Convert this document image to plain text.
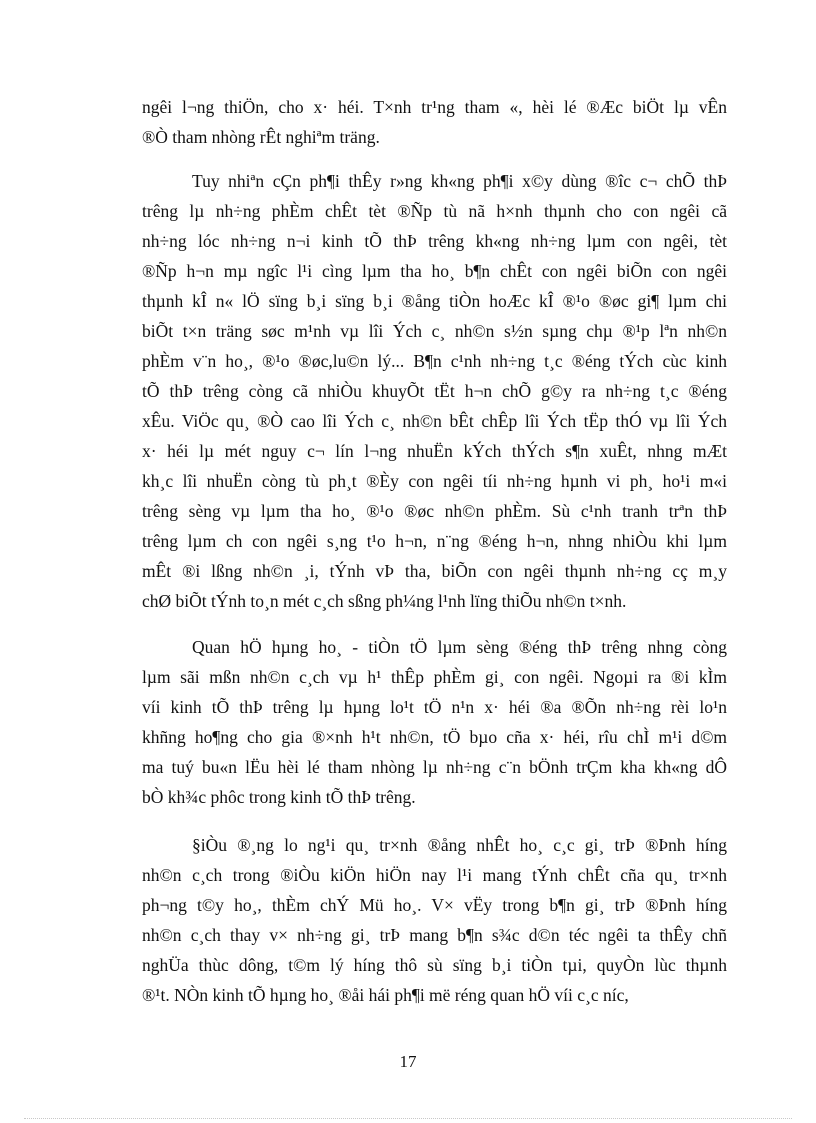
ngêi l¬ng thiÖn, cho x· héi. T×nh tr¹ng tham «, hèi lé ®Æc biÖt lµ vÊn
®Ò tham nhòng rÊt nghiªm träng.

Tuy nhiªn cÇn ph¶i thÊy r»ng kh«ng ph¶i x©y dùng ®îc c¬ chÕ thÞ
trêng lµ nh÷ng phÈm chÊt tèt ®Ñp tù nã h×nh thµnh cho con ngêi cã
nh÷ng lóc nh÷ng n¬i kinh tÕ thÞ trêng kh«ng nh÷ng lµm con ngêi, tèt
®Ñp h¬n mµ ngîc l¹i cìng lµm tha ho¸ b¶n chÊt con ngêi biÕn con ngêi
thµnh kÎ n« lÖ sïng b¸i sïng b¸i ®ång tiÒn hoÆc kÎ ®¹o ®øc gi¶ lµm chi
biÕt t×n träng søc m¹nh vµ lîi Ých c¸ nh©n s½n sµng chµ ®¹p lªn nh©n
phÈm v¨n ho¸, ®¹o ®øc,lu©n lý... B¶n c¹nh nh÷ng t¸c ®éng tÝch cùc kinh
tÕ thÞ trêng còng cã nhiÒu khuyÕt tËt h¬n chÕ g©y ra nh÷ng t¸c ®éng
xÊu. ViÖc qu¸ ®Ò cao lîi Ých c¸ nh©n bÊt chÊp lîi Ých tËp thÓ vµ lîi Ých
x· héi lµ mét nguy c¬ lín l¬ng nhuËn kÝch thÝch s¶n xuÊt, nhng mÆt
kh¸c lîi nhuËn còng tù ph¸t ®Èy con ngêi tíi nh÷ng hµnh vi ph¸ ho¹i m«i
trêng sèng vµ lµm tha ho¸ ®¹o ®øc nh©n phÈm. Sù c¹nh tranh trªn thÞ
trêng lµm ch con ngêi s¸ng t¹o h¬n, n¨ng ®éng h¬n, nhng nhiÒu khi lµm
mÊt ®i lßng nh©n ¸i, tÝnh vÞ tha, biÕn con ngêi thµnh nh÷ng cç m¸y
chØ biÕt tÝnh to¸n mét c¸ch sßng ph¼ng l¹nh lïng thiÕu nh©n t×nh.

Quan hÖ hµng ho¸ - tiÒn tÖ lµm sèng ®éng thÞ trêng nhng còng
lµm sãi mßn nh©n c¸ch vµ h¹ thÊp phÈm gi¸ con ngêi. Ngoµi ra ®i kÌm
víi kinh tÕ thÞ trêng lµ hµng lo¹t tÖ n¹n x· héi ®a ®Õn nh÷ng rèi lo¹n
khñng ho¶ng cho gia ®×nh h¹t nh©n, tÖ bµo cña x· héi, rîu chÌ m¹i d©m
ma tuý bu«n lËu hèi lé tham nhòng lµ nh÷ng c¨n bÖnh trÇm kha kh«ng dÔ
bÒ kh¾c phôc trong kinh tÕ thÞ trêng.

§iÒu ®¸ng lo ng¹i qu¸ tr×nh ®ång nhÊt ho¸ c¸c gi¸ trÞ ®Þnh híng
nh©n c¸ch trong ®iÒu kiÖn hiÖn nay l¹i mang tÝnh chÊt cña qu¸ tr×nh
ph¬ng t©y ho¸, thÈm chÝ Mü ho¸. V× vËy trong b¶n gi¸ trÞ ®Þnh híng
nh©n c¸ch thay v× nh÷ng gi¸ trÞ mang b¶n s¾c d©n téc ngêi ta thÊy chñ
nghÜa thùc dông, t©m lý híng thô sù sïng b¸i tiÒn tµi, quyÒn lùc thµnh
®¹t. NÒn kinh tÕ hµng ho¸ ®åi hái ph¶i më réng quan hÖ víi c¸c níc,

17
